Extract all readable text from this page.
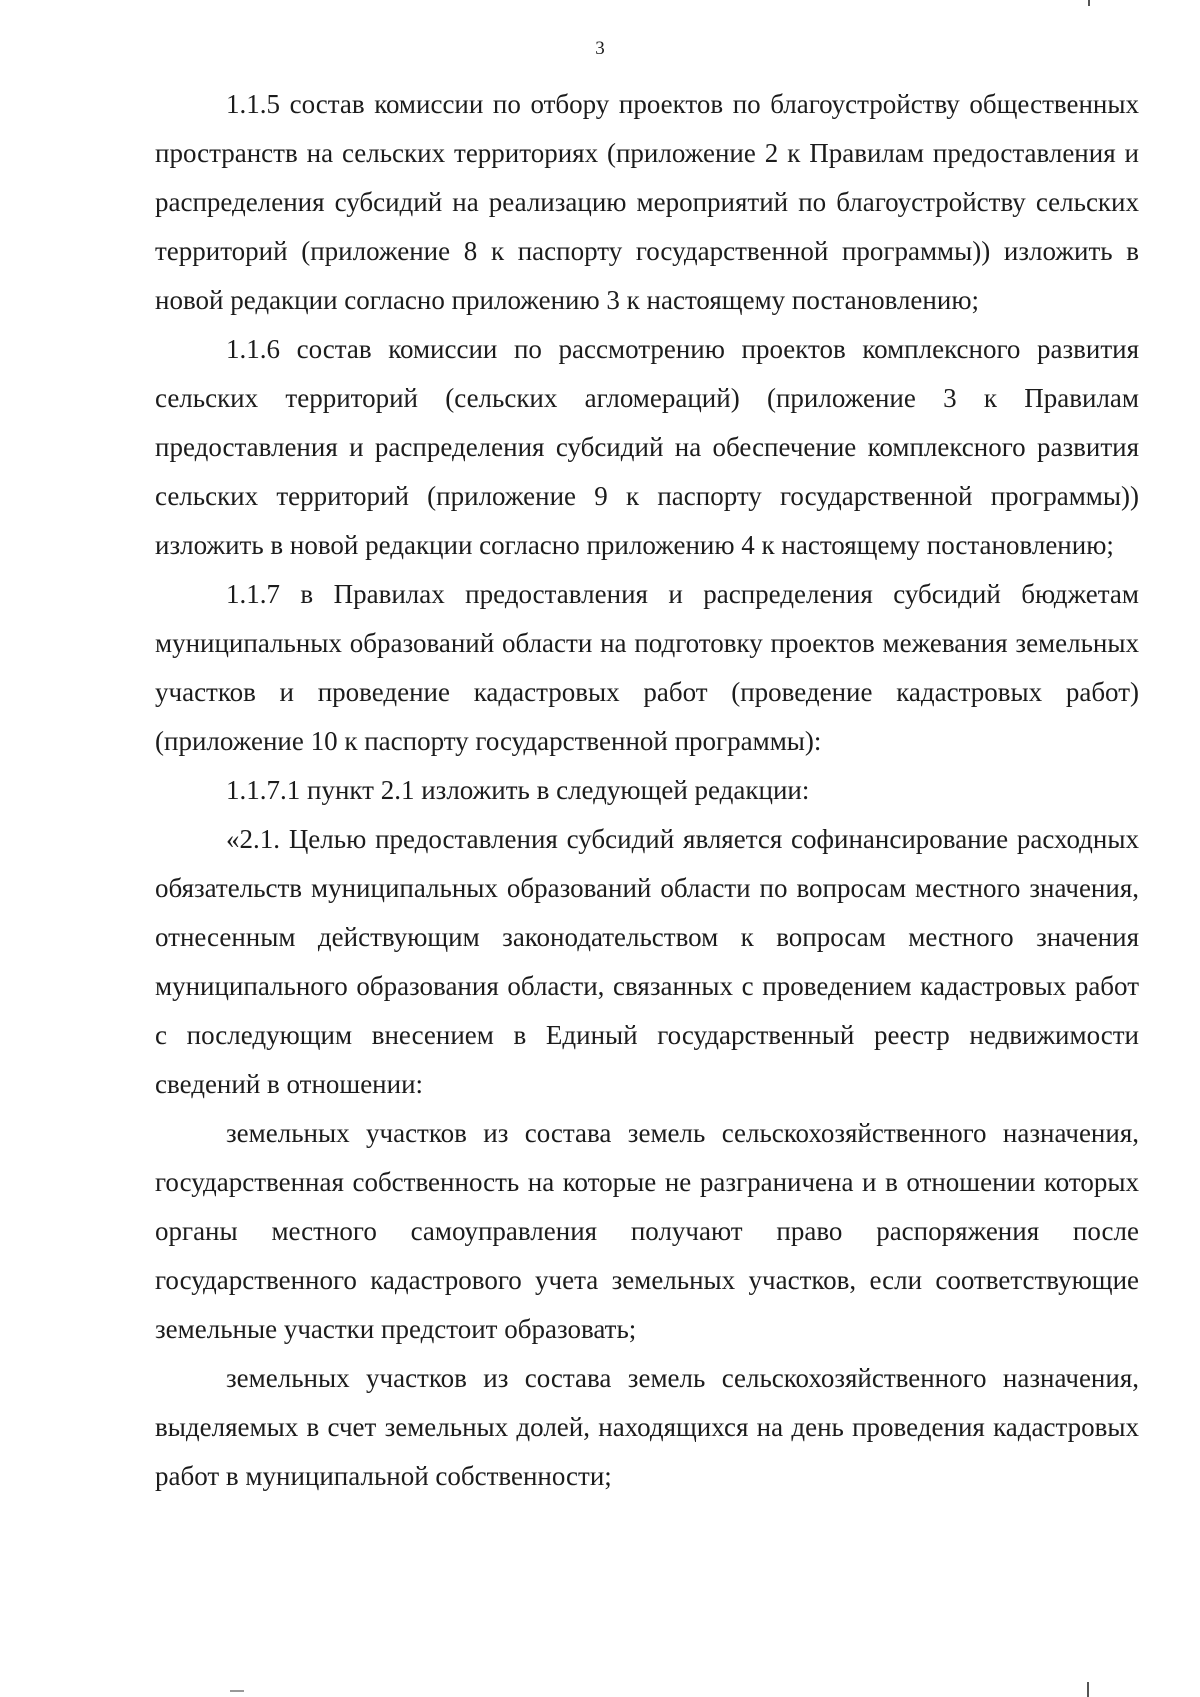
3

1.1.5 состав комиссии по отбору проектов по благоустройству общественных пространств на сельских территориях (приложение 2 к Правилам предоставления и распределения субсидий на реализацию мероприятий по благоустройству сельских территорий (приложение 8 к паспорту государственной программы)) изложить в новой редакции согласно приложению 3 к настоящему постановлению;

1.1.6 состав комиссии по рассмотрению проектов комплексного развития сельских территорий (сельских агломераций) (приложение 3 к Правилам предоставления и распределения субсидий на обеспечение комплексного развития сельских территорий (приложение 9 к паспорту государственной программы)) изложить в новой редакции согласно приложению 4 к настоящему постановлению;

1.1.7 в Правилах предоставления и распределения субсидий бюджетам муниципальных образований области на подготовку проектов межевания земельных участков и проведение кадастровых работ (проведение кадастровых работ) (приложение 10 к паспорту государственной программы):

1.1.7.1 пункт 2.1 изложить в следующей редакции:

«2.1. Целью предоставления субсидий является софинансирование расходных обязательств муниципальных образований области по вопросам местного значения, отнесенным действующим законодательством к вопросам местного значения муниципального образования области, связанных с проведением кадастровых работ с последующим внесением в Единый государственный реестр недвижимости сведений в отношении:

земельных участков из состава земель сельскохозяйственного назначения, государственная собственность на которые не разграничена и в отношении которых органы местного самоуправления получают право распоряжения после государственного кадастрового учета земельных участков, если соответствующие земельные участки предстоит образовать;

земельных участков из состава земель сельскохозяйственного назначения, выделяемых в счет земельных долей, находящихся на день проведения кадастровых работ в муниципальной собственности;
